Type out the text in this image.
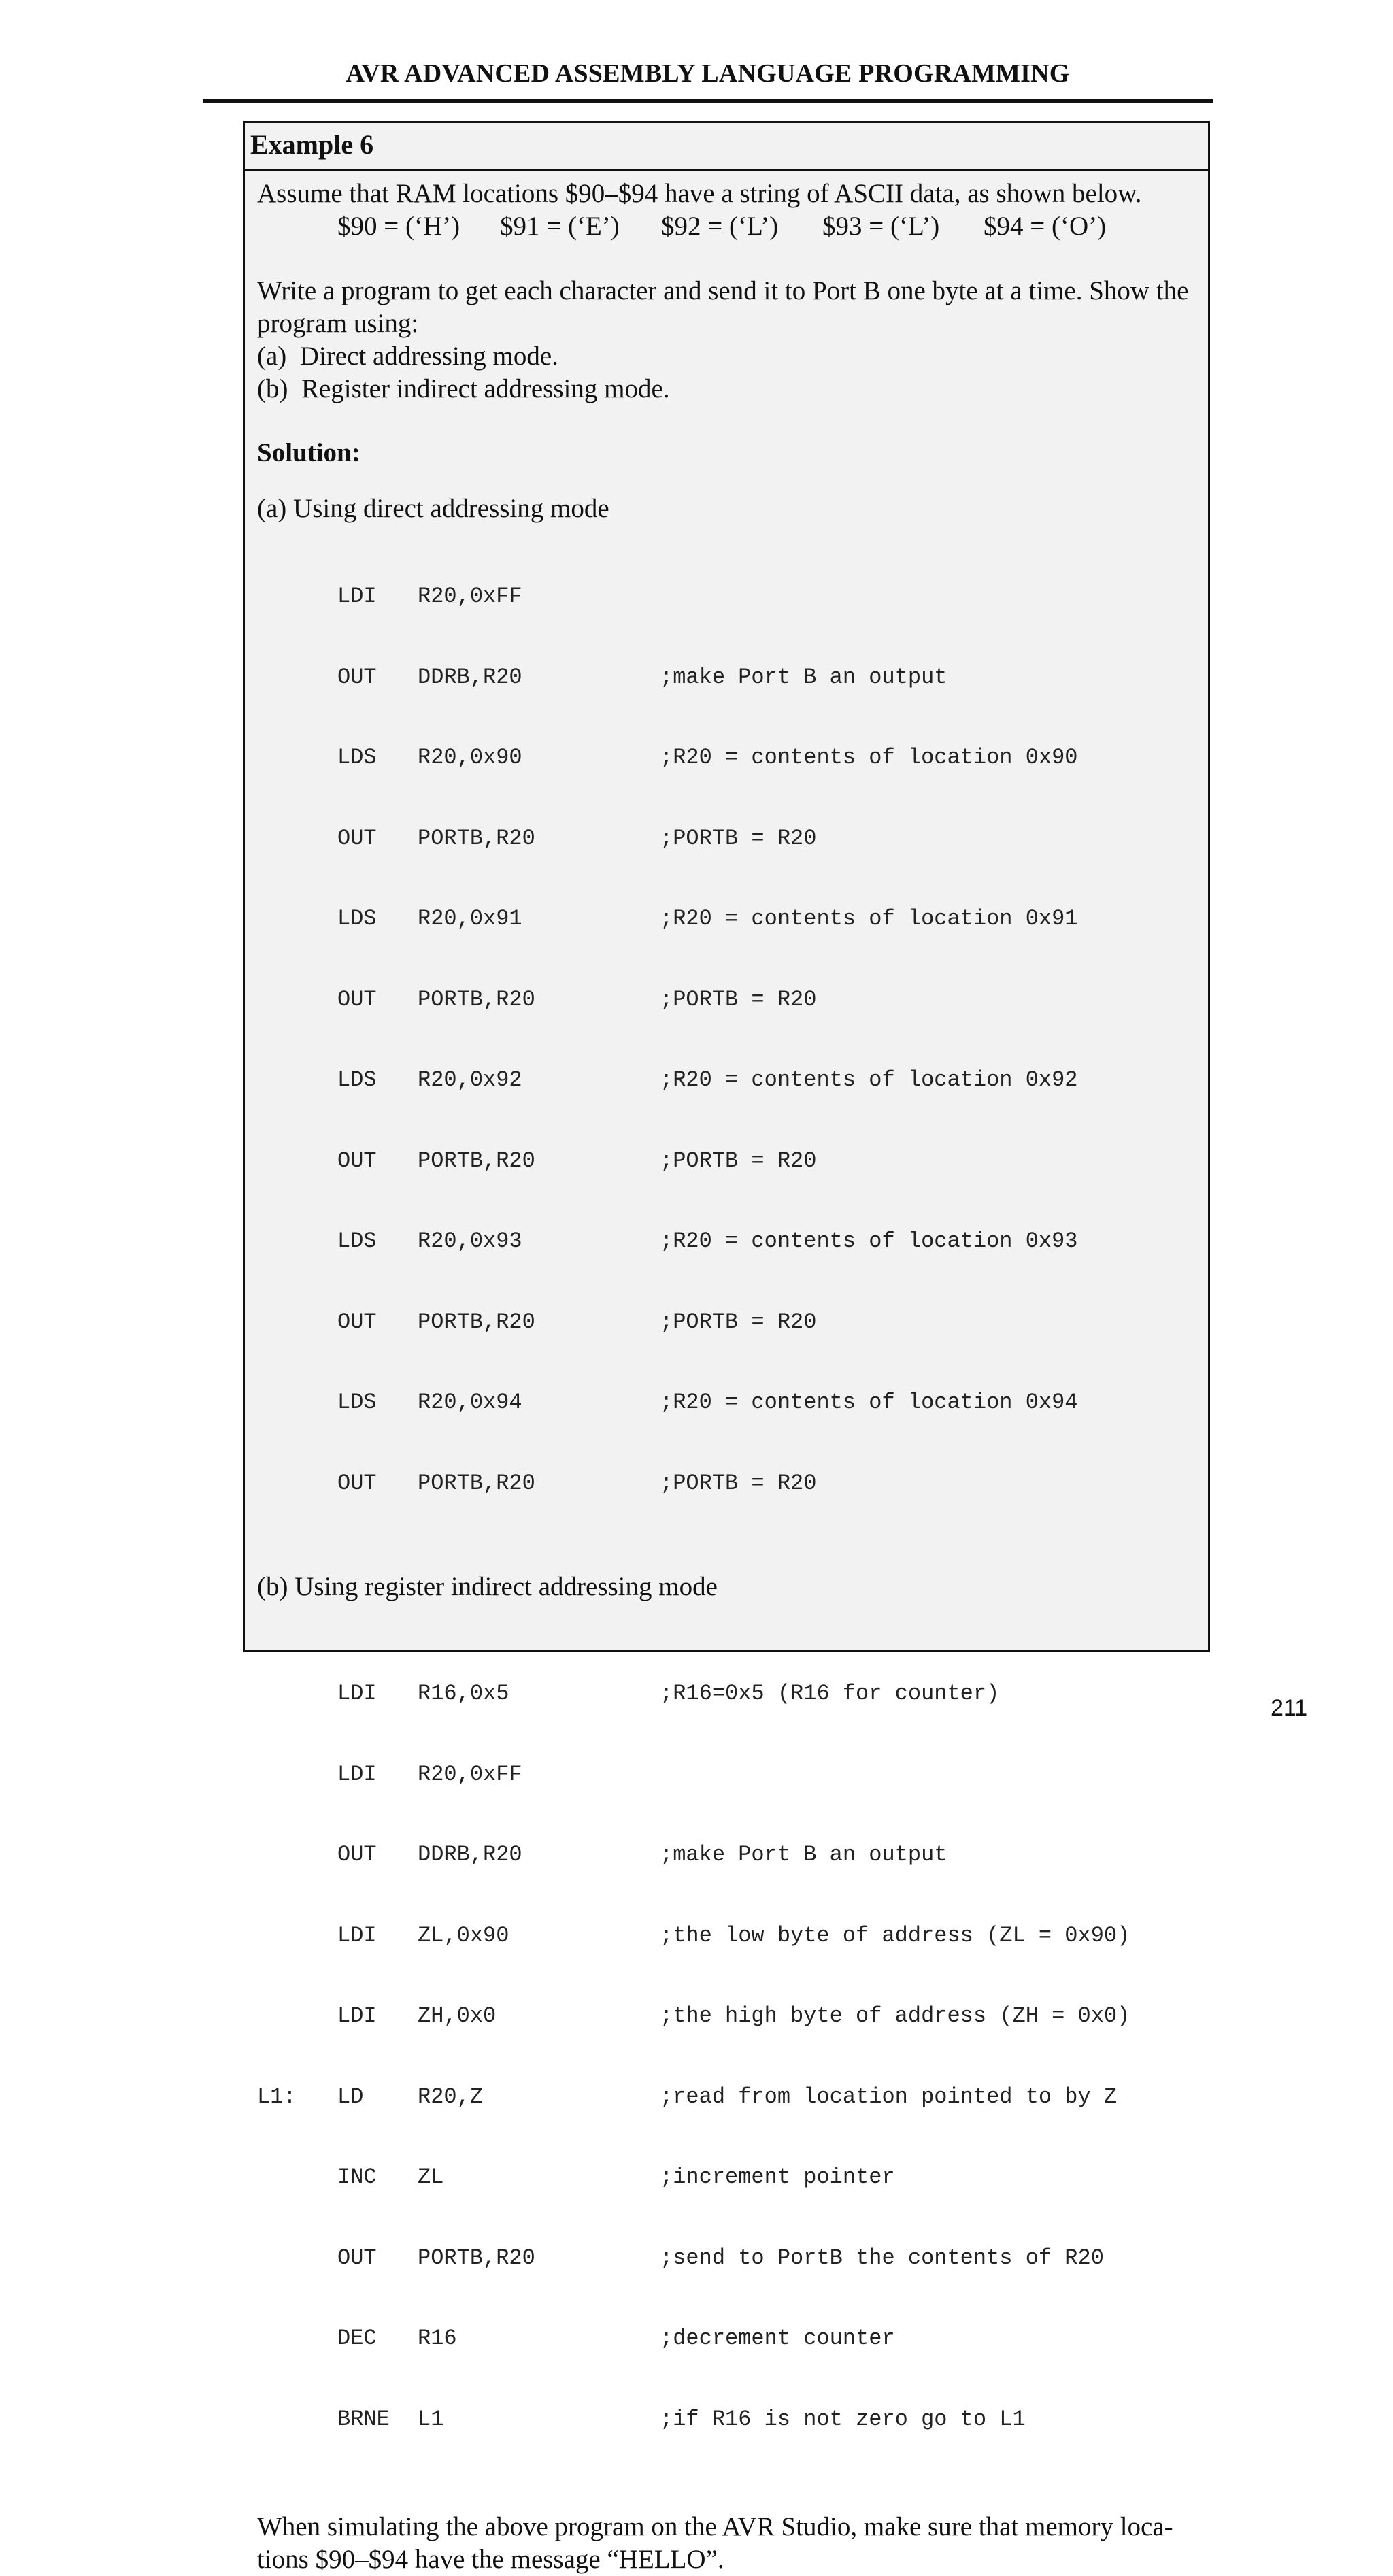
AVR ADVANCED ASSEMBLY LANGUAGE PROGRAMMING
Example 6

Assume that RAM locations $90–$94 have a string of ASCII data, as shown below.

$90 = (‘H’) $91 = (‘E’) $92 = (‘L’) $93 = (‘L’) $94 = (‘O’)

Write a program to get each character and send it to Port B one byte at a time. Show the

program using:

(a)  Direct addressing mode.

(b)  Register indirect addressing mode.

Solution:

(a) Using direct addressing mode

LDI R20,0xFF

OUT DDRB,R20	;make Port B an output

LDS R20,0x90	;R20 = contents of location 0x90

OUT PORTB,R20	;PORTB = R20

LDS R20,0x91	;R20 = contents of location 0x91

OUT PORTB,R20	;PORTB = R20

LDS R20,0x92	;R20 = contents of location 0x92

OUT PORTB,R20	;PORTB = R20

LDS R20,0x93	;R20 = contents of location 0x93

OUT PORTB,R20	;PORTB = R20

LDS R20,0x94	;R20 = contents of location 0x94

OUT PORTB,R20	;PORTB = R20

(b) Using register indirect addressing mode

LDI R16,0x5	;R16=0x5 (R16 for counter)

LDI R20,0xFF

OUT DDRB,R20	;make Port B an output

LDI ZL,0x90	;the low byte of address (ZL = 0x90)

LDI ZH,0x0	;the high byte of address (ZH = 0x0)

L1: LD R20,Z	;read from location pointed to by Z

INC ZL	;increment pointer

OUT PORTB,R20	;send to PortB the contents of R20

DEC R16	;decrement counter

BRNE L1	;if R16 is not zero go to L1

When simulating the above program on the AVR Studio, make sure that memory loca-

tions $90–$94 have the message “HELLO”.

211
